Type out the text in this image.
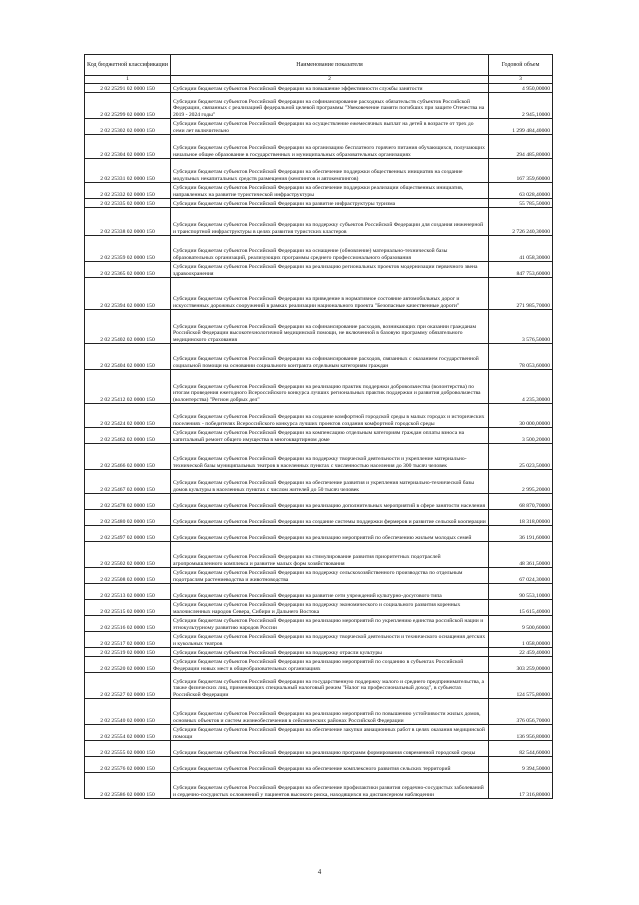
Код бюджетной классификации	Наименование показателя	Годовой объем
1	2	3
2 02 25291 02 0000 150	Субсидии бюджетам субъектов Российской Федерации на повышение эффективности службы занятости	4 950,00000
2 02 25299 02 0000 150	Субсидии бюджетам субъектов Российской Федерации на софинансирование расходных обязательств субъектов Российской Федерации, связанных с реализацией федеральной целевой программы "Увековечение памяти погибших при защите Отечества на 2019 - 2024 годы"	2 945,10000
2 02 25302 02 0000 150	Субсидии бюджетам субъектов Российской Федерации на осуществление ежемесячных выплат на детей в возрасте от трех до семи лет включительно	1 299 484,40000
2 02 25304 02 0000 150	Субсидии бюджетам субъектов Российской Федерации на организацию бесплатного горячего питания обучающихся, получающих начальное общее образование в государственных и муниципальных образовательных организациях	294 485,80000
2 02 25331 02 0000 150	Субсидии бюджетам субъектов Российской Федерации на обеспечение поддержки общественных инициатив на создание модульных некапитальных средств размещения (кемпингов и автокемпингов)	167 359,60000
2 02 25332 02 0000 150	Субсидии бюджетам субъектов Российской Федерации на обеспечение поддержки реализации общественных инициатив, направленных на развитие туристической инфраструктуры	63 028,40000
2 02 25335 02 0000 150	Субсидии бюджетам субъектов Российской Федерации на развитие инфраструктуры туризма	55 785,50000
2 02 25338 02 0000 150	Субсидии бюджетам субъектов Российской Федерации на поддержку субъектов Российской Федерации для создания инженерной и транспортной инфраструктуры в целях развития туристских кластеров	2 726 240,30000
2 02 25359 02 0000 150	Субсидии бюджетам субъектов Российской Федерации на оснащение (обновление) материально-технической базы образовательных организаций, реализующих программы среднего профессионального образования	41 058,30000
2 02 25365 02 0000 150	Субсидии бюджетам субъектов Российской Федерации на реализацию региональных проектов модернизации первичного звена здравоохранения	847 753,60000
2 02 25394 02 0000 150	Субсидии бюджетам субъектов Российской Федерации на приведение в нормативное состояние автомобильных дорог и искусственных дорожных сооружений в рамках реализации национального проекта "Безопасные качественные дороги"	271 985,70000
2 02 25402 02 0000 150	Субсидии бюджетам субъектов Российской Федерации на софинансирование расходов, возникающих при оказании гражданам Российской Федерации высокотехнологичной медицинской помощи, не включенной в базовую программу обязательного медицинского страхования	3 576,50000
2 02 25404 02 0000 150	Субсидии бюджетам субъектов Российской Федерации на софинансирование расходов, связанных с оказанием государственной социальной помощи на основании социального контракта отдельным категориям граждан	78 053,60000
2 02 25412 02 0000 150	Субсидии бюджетам субъектов Российской Федерации на реализацию практик поддержки добровольчества (волонтерства) по итогам проведения ежегодного Всероссийского конкурса лучших региональных практик поддержки и развития добровольчества (волонтерства) "Регион добрых дел"	4 235,30000
2 02 25424 02 0000 150	Субсидии бюджетам субъектов Российской Федерации на создание комфортной городской среды в малых городах и исторических поселениях - победителях Всероссийского конкурса лучших проектов создания комфортной городской среды	30 000,00000
2 02 25462 02 0000 150	Субсидии бюджетам субъектов Российской Федерации на компенсацию отдельным категориям граждан оплаты взноса на капитальный ремонт общего имущества в многоквартирном доме	3 500,20000
2 02 25466 02 0000 150	Субсидии бюджетам субъектов Российской Федерации на поддержку творческой деятельности и укрепление материально-технической базы муниципальных театров в населенных пунктах с численностью населения до 300 тысяч человек	25 023,50000
2 02 25467 02 0000 150	Субсидии бюджетам субъектов Российской Федерации на обеспечение развития и укрепления материально-технической базы домов культуры в населенных пунктах с числом жителей до 50 тысяч человек	2 995,20000
2 02 25478 02 0000 150	Субсидии бюджетам субъектов Российской Федерации на реализацию дополнительных мероприятий в сфере занятости населения	68 870,70000
2 02 25480 02 0000 150	Субсидии бюджетам субъектов Российской Федерации на создание системы поддержки фермеров и развитие сельской кооперации	18 318,00000
2 02 25497 02 0000 150	Субсидии бюджетам субъектов Российской Федерации на реализацию мероприятий по обеспечению жильем молодых семей	36 191,60000
2 02 25502 02 0000 150	Субсидии бюджетам субъектов Российской Федерации на стимулирование развития приоритетных подотраслей агропромышленного комплекса и развитие малых форм хозяйствования	48 361,50000
2 02 25508 02 0000 150	Субсидии бюджетам субъектов Российской Федерации на поддержку сельскохозяйственного производства по отдельным подотраслям растениеводства и животноводства	67 024,30000
2 02 25513 02 0000 150	Субсидии бюджетам субъектов Российской Федерации на развитие сети учреждений культурно-досугового типа	90 553,10000
2 02 25515 02 0000 150	Субсидии бюджетам субъектов Российской Федерации на поддержку экономического и социального развития коренных малочисленных народов Севера, Сибири и Дальнего Востока	15 615,40000
2 02 25516 02 0000 150	Субсидии бюджетам субъектов Российской Федерации на реализацию мероприятий по укреплению единства российской нации и этнокультурному развитию народов России	9 500,60000
2 02 25517 02 0000 150	Субсидии бюджетам субъектов Российской Федерации на поддержку творческой деятельности и технического оснащения детских и кукольных театров	1 058,00000
2 02 25519 02 0000 150	Субсидии бюджетам субъектов Российской Федерации на поддержку отрасли культуры	22 459,40000
2 02 25520 02 0000 150	Субсидии бюджетам субъектов Российской Федерации на реализацию мероприятий по созданию в субъектах Российской Федерации новых мест в общеобразовательных организациях	303 259,00000
2 02 25527 02 0000 150	Субсидии бюджетам субъектов Российской Федерации на государственную поддержку малого и среднего предпринимательства, а также физических лиц, применяющих специальный налоговый режим "Налог на профессиональный доход", в субъектах Российской Федерации	124 575,80000
2 02 25540 02 0000 150	Субсидии бюджетам субъектов Российской Федерации на реализацию мероприятий по повышению устойчивости жилых домов, основных объектов и систем жизнеобеспечения в сейсмических районах Российской Федерации	376 056,70000
2 02 25554 02 0000 150	Субсидии бюджетам субъектов Российской Федерации на обеспечение закупки авиационных работ в целях оказания медицинской помощи	136 956,80000
2 02 25555 02 0000 150	Субсидии бюджетам субъектов Российской Федерации на реализацию программ формирования современной городской среды	82 544,60000
2 02 25576 02 0000 150	Субсидии бюджетам субъектов Российской Федерации на обеспечение комплексного развития сельских территорий	9 394,50000
2 02 25586 02 0000 150	Субсидии бюджетам субъектов Российской Федерации на обеспечение профилактики развития сердечно-сосудистых заболеваний и сердечно-сосудистых осложнений у пациентов высокого риска, находящихся на диспансерном наблюдении	17 316,80000
4
